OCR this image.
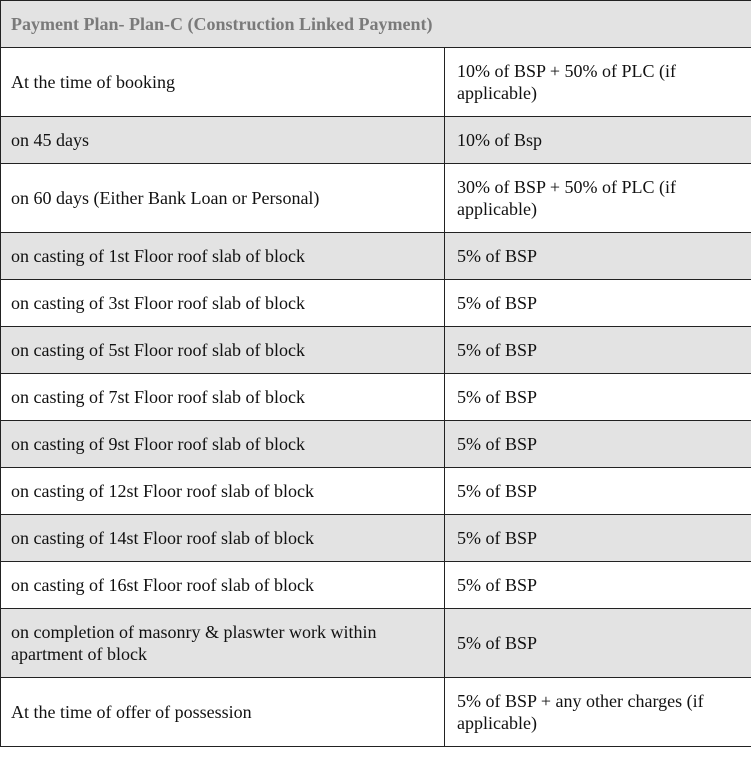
Payment Plan- Plan-C (Construction Linked Payment)	
At the time of booking	10% of BSP + 50% of PLC (if applicable)
on 45 days	10% of Bsp
on 60 days (Either Bank Loan or Personal)	30% of BSP + 50% of PLC (if applicable)
on casting of 1st Floor roof slab of block	5% of BSP
on casting of 3st Floor roof slab of block	5% of BSP
on casting of 5st Floor roof slab of block	5% of BSP
on casting of 7st Floor roof slab of block	5% of BSP
on casting of 9st Floor roof slab of block	5% of BSP
on casting of 12st Floor roof slab of block	5% of BSP
on casting of 14st Floor roof slab of block	5% of BSP
on casting of 16st Floor roof slab of block	5% of BSP
on completion of masonry & plaswter work within apartment of block	5% of BSP
At the time of offer of possession	5% of BSP + any other charges (if applicable)
